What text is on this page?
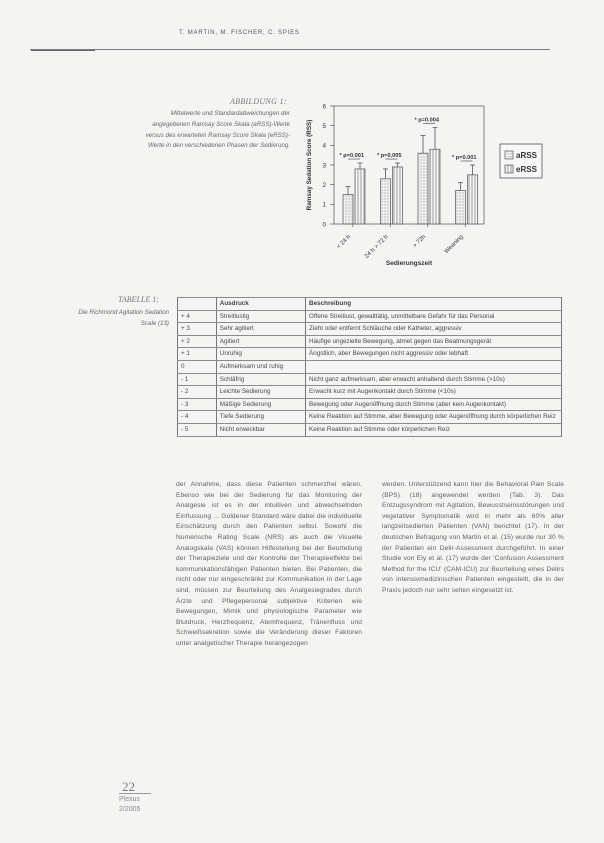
T. MARTIN, M. FISCHER, C. SPIES
ABBILDUNG 1:
Mittelwerte und Standardabweichungen der angegebenen Ramsay Score Skala (aRSS)-Werte versus des erwarteten Ramsay Score Skala (eRSS)-Werte in den verschiedenen Phasen der Sedierung.
0
1
2
3
4
5
6
Ramsay Sedation Score (RSS)
< 24 h
* p=0.001
24 h > 72 h
* p=0.005
> 72h
* p=0.004
Weaning
* p=0.001
Sedierungszeit
aRSS
eRSS
TABELLE 1:
Die Richmond Agitation Sedation Scale (13)
	Ausdruck	Beschreibung
+ 4	Streitlustig	Offene Streitlust, gewalttätig, unmittelbare Gefahr für das Personal
+ 3	Sehr agitiert	Zieht oder entfernt Schläuche oder Katheter, aggressiv
+ 2	Agitiert	Häufige ungezielte Bewegung, atmet gegen das Beatmungsgerät
+ 1	Unruhig	Ängstlich, aber Bewegungen nicht aggressiv oder lebhaft
0	Aufmerksam und ruhig	
- 1	Schläfrig	Nicht ganz aufmerksam, aber erwacht anhaltend durch Stimme (>10s)
- 2	Leichte Sedierung	Erwacht kurz mit Augenkontakt durch Stimme (<10s)
- 3	Mäßige Sedierung	Bewegung oder Augenöffnung durch Stimme (aber kein Augenkontakt)
- 4	Tiefe Sedierung	Keine Reaktion auf Stimme, aber Bewegung oder Augenöffnung durch körperlichen Reiz
- 5	Nicht erweckbar	Keine Reaktion auf Stimme oder körperlichen Reiz
der Annahme, dass diese Patienten schmerzfrei wären. Ebenso wie bei der Sedierung für das Monitoring der Analgesie ist es in der intuitiven und abwechselnden Einflussung ... Goldener Standard wäre dabei die individuelle Einschätzung durch den Patienten selbst. Sowohl die Numerische Rating Scale (NRS) als auch die Visuelle Analogskala (VAS) können Hilfestellung bei der Beurteilung der Therapieziele und der Kontrolle der Therapieeffekte bei kommunikationsfähigen Patienten bieten. Bei Patienten, die nicht oder nur eingeschränkt zur Kommunikation in der Lage sind, müssen zur Beurteilung des Analgesiegrades durch Ärzte und Pflegepersonal subjektive Kriterien wie Bewegungen, Mimik und physiologische Parameter wie Blutdruck, Herzfrequenz, Atemfrequenz, Tränenfluss und Schweißsekretion sowie die Veränderung dieser Faktoren unter analgetischer Therapie herangezogen
werden. Unterstützend kann hier die Behavioral Pain Scale (BPS) (18) angewendet werden (Tab. 3). Das Entzugssyndrom mit Agitation, Bewusstseinsstörungen und vegetativer Symptomatik wird in mehr als 60% aller langzeitsedierten Patienten (VAN) berichtet (17). In der deutschen Befragung von Martin et al. (15) wurde nur 30 % der Patienten ein Delir-Assessment durchgeführt. In einer Studie von Ely et al. (17) wurde der 'Confusion Assessment Method for the ICU' (CAM-ICU) zur Beurteilung eines Delirs von intensivmedizinischen Patienten eingestellt, die in der Praxis jedoch nur sehr selten eingesetzt ist.
22
Ρlexus
2/2005
